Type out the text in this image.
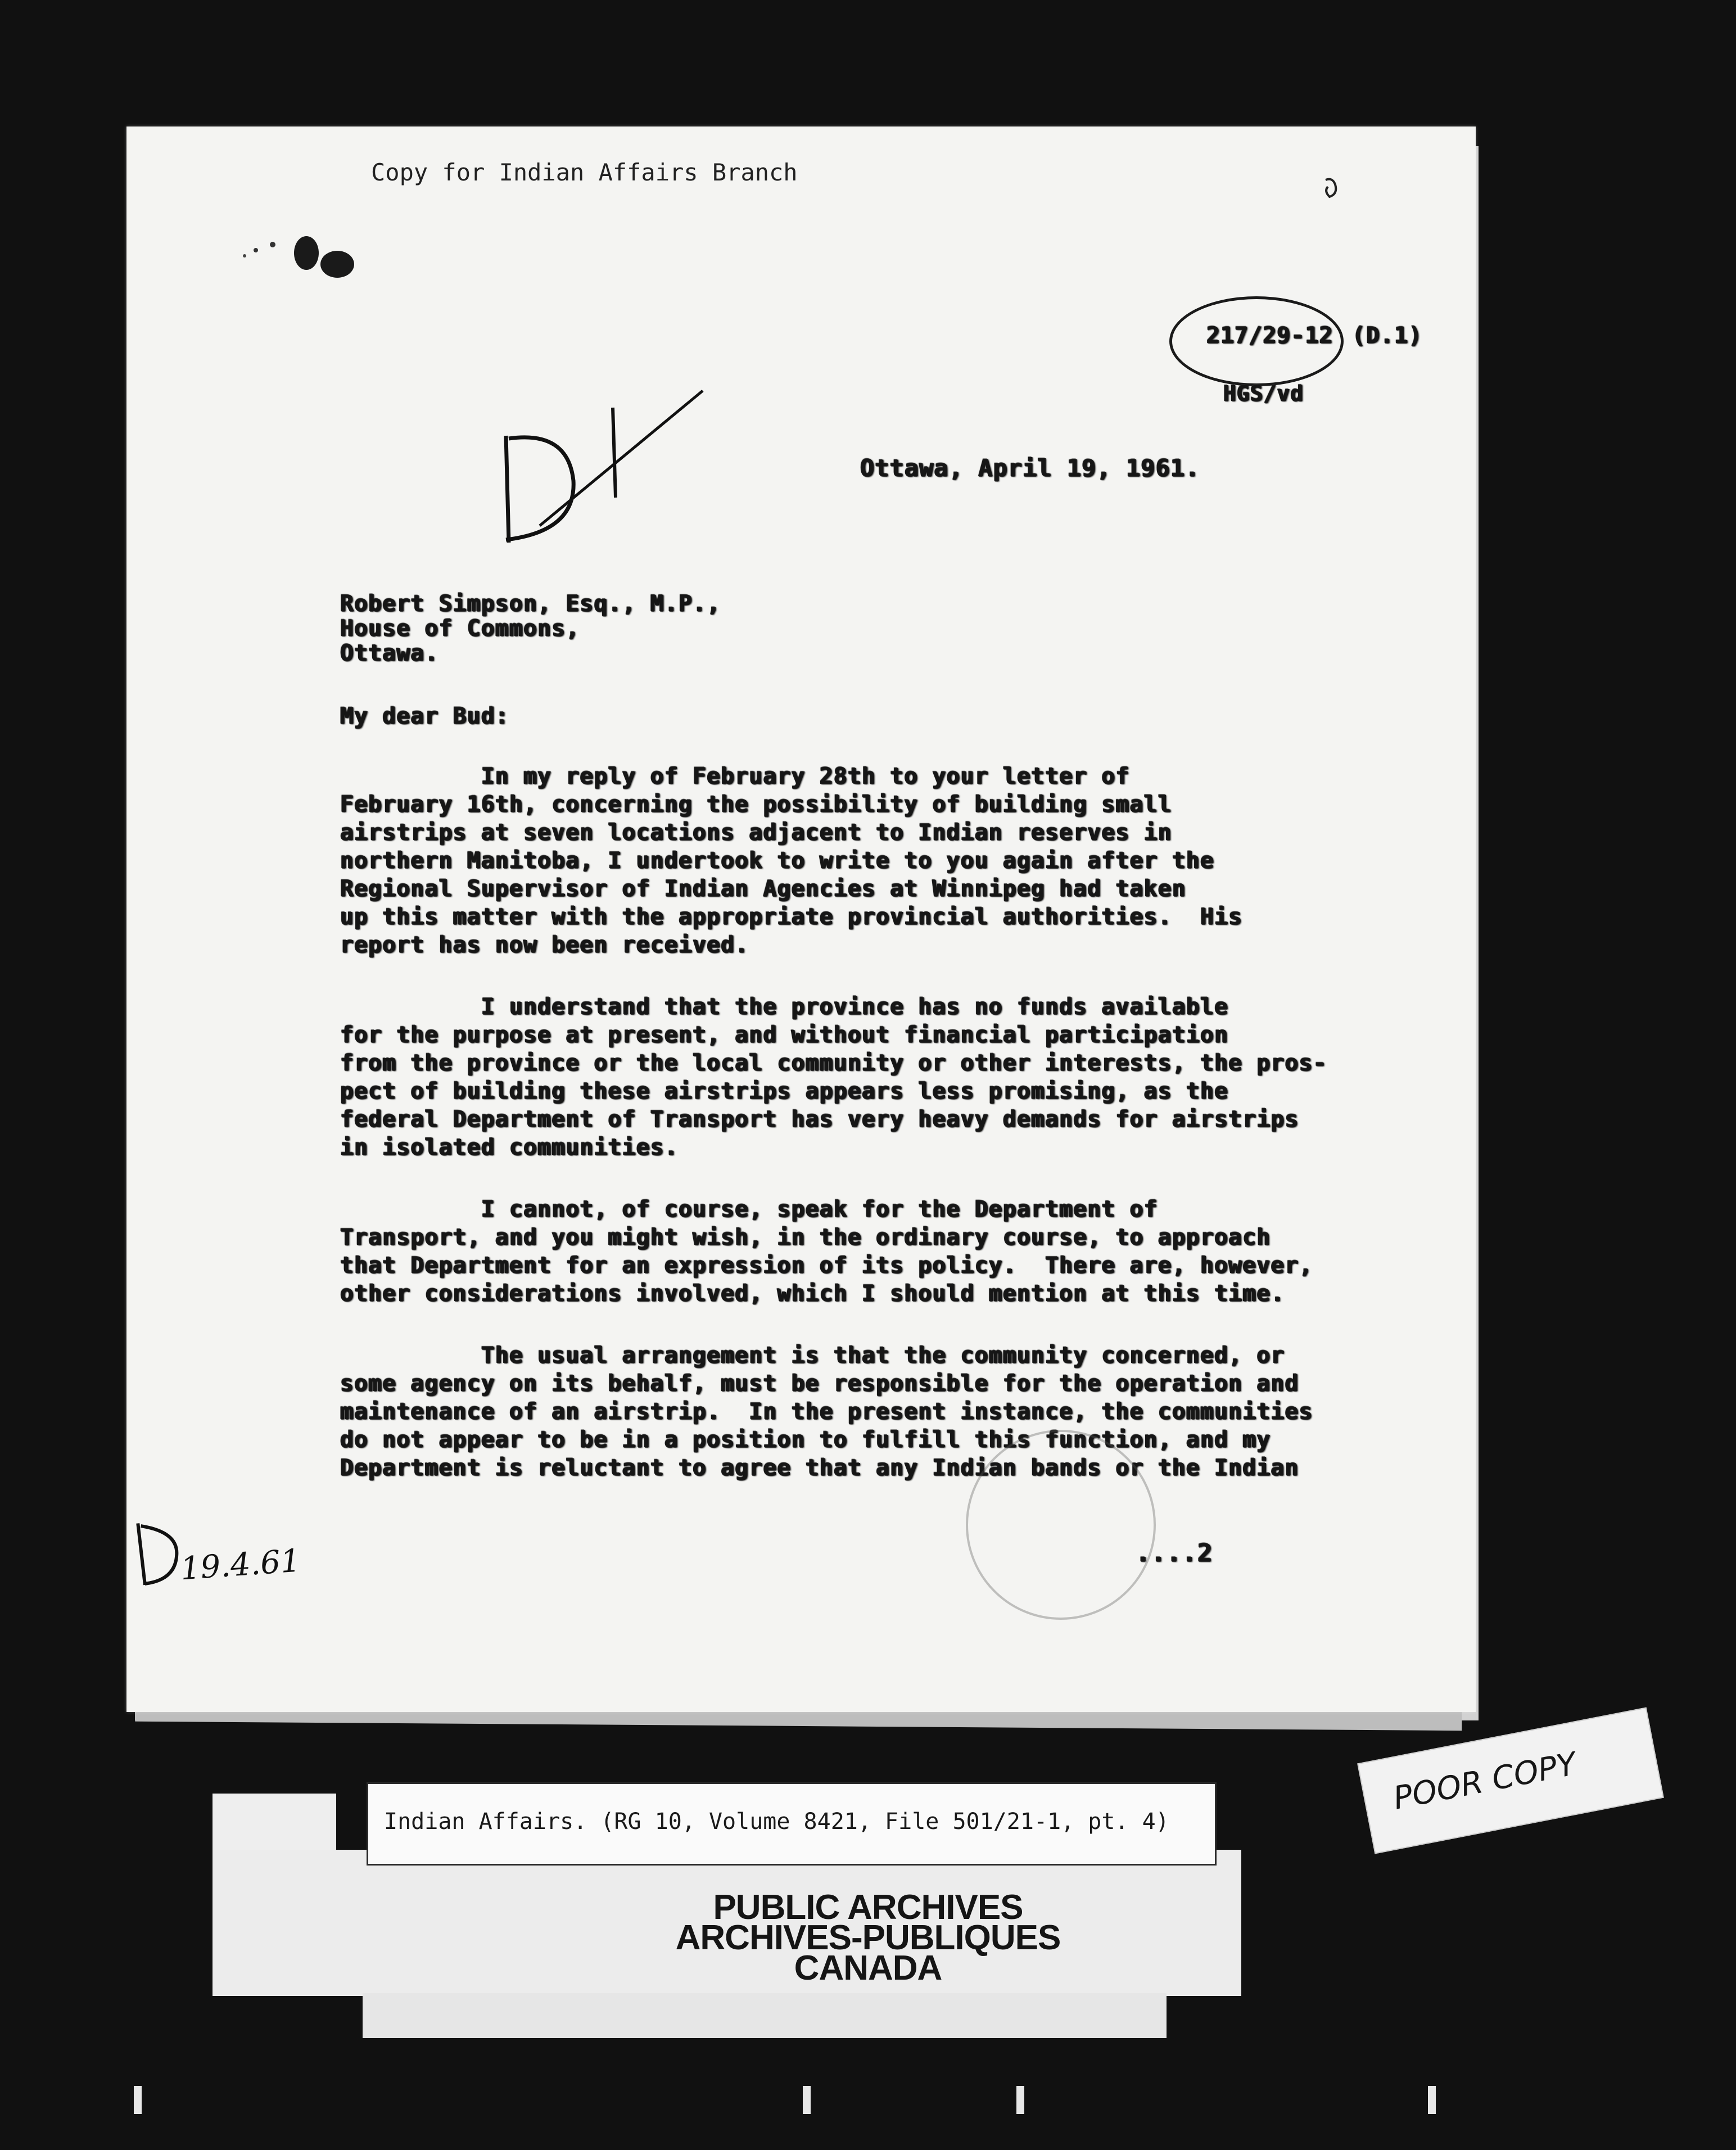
Copy for Indian Affairs Branch
217/29-12 (D.1)
HGS/vd
Ottawa, April 19, 1961.
Robert Simpson, Esq., M.P.,
House of Commons,
Ottawa.
My dear Bud:
In my reply of February 28th to your letter of
February 16th, concerning the possibility of building small
airstrips at seven locations adjacent to Indian reserves in
northern Manitoba, I undertook to write to you again after the
Regional Supervisor of Indian Agencies at Winnipeg had taken
up this matter with the appropriate provincial authorities.  His
report has now been received.
I understand that the province has no funds available
for the purpose at present, and without financial participation
from the province or the local community or other interests, the pros-
pect of building these airstrips appears less promising, as the
federal Department of Transport has very heavy demands for airstrips
in isolated communities.
I cannot, of course, speak for the Department of
Transport, and you might wish, in the ordinary course, to approach
that Department for an expression of its policy.  There are, however,
other considerations involved, which I should mention at this time.
The usual arrangement is that the community concerned, or
some agency on its behalf, must be responsible for the operation and
maintenance of an airstrip.  In the present instance, the communities
do not appear to be in a position to fulfill this function, and my
Department is reluctant to agree that any Indian bands or the Indian
....2
19.4.61
Indian Affairs. (RG 10, Volume 8421, File 501/21-1, pt. 4)
PUBLIC ARCHIVES
ARCHIVES-PUBLIQUES
CANADA
POOR COPY
